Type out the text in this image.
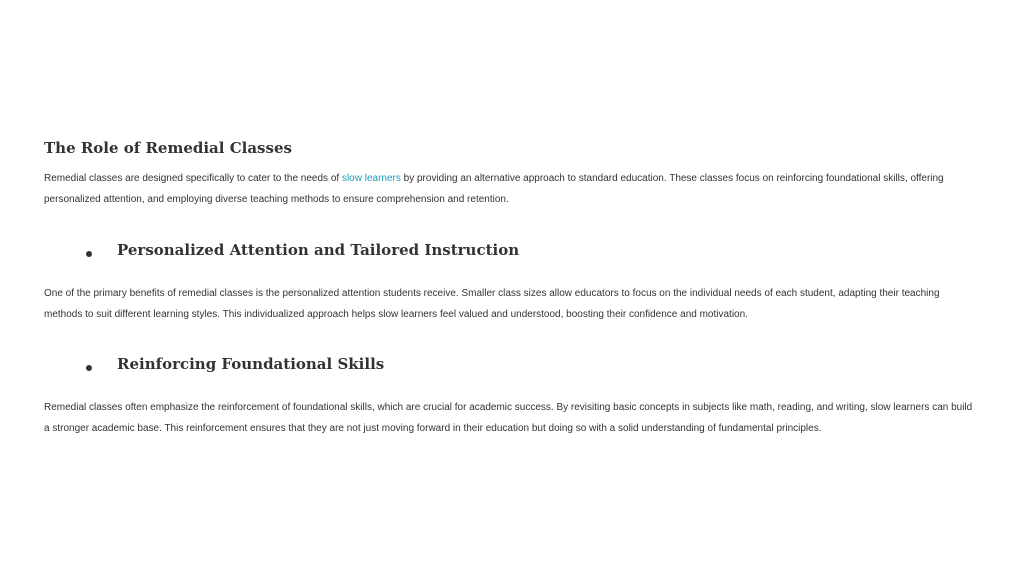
The Role of Remedial Classes

Remedial classes are designed specifically to cater to the needs of slow learners by providing an alternative approach to standard education. These classes focus on reinforcing foundational skills, offering personalized attention, and employing diverse teaching methods to ensure comprehension and retention.

Personalized Attention and Tailored Instruction

One of the primary benefits of remedial classes is the personalized attention students receive. Smaller class sizes allow educators to focus on the individual needs of each student, adapting their teaching methods to suit different learning styles. This individualized approach helps slow learners feel valued and understood, boosting their confidence and motivation.

Reinforcing Foundational Skills

Remedial classes often emphasize the reinforcement of foundational skills, which are crucial for academic success. By revisiting basic concepts in subjects like math, reading, and writing, slow learners can build a stronger academic base. This reinforcement ensures that they are not just moving forward in their education but doing so with a solid understanding of fundamental principles.
